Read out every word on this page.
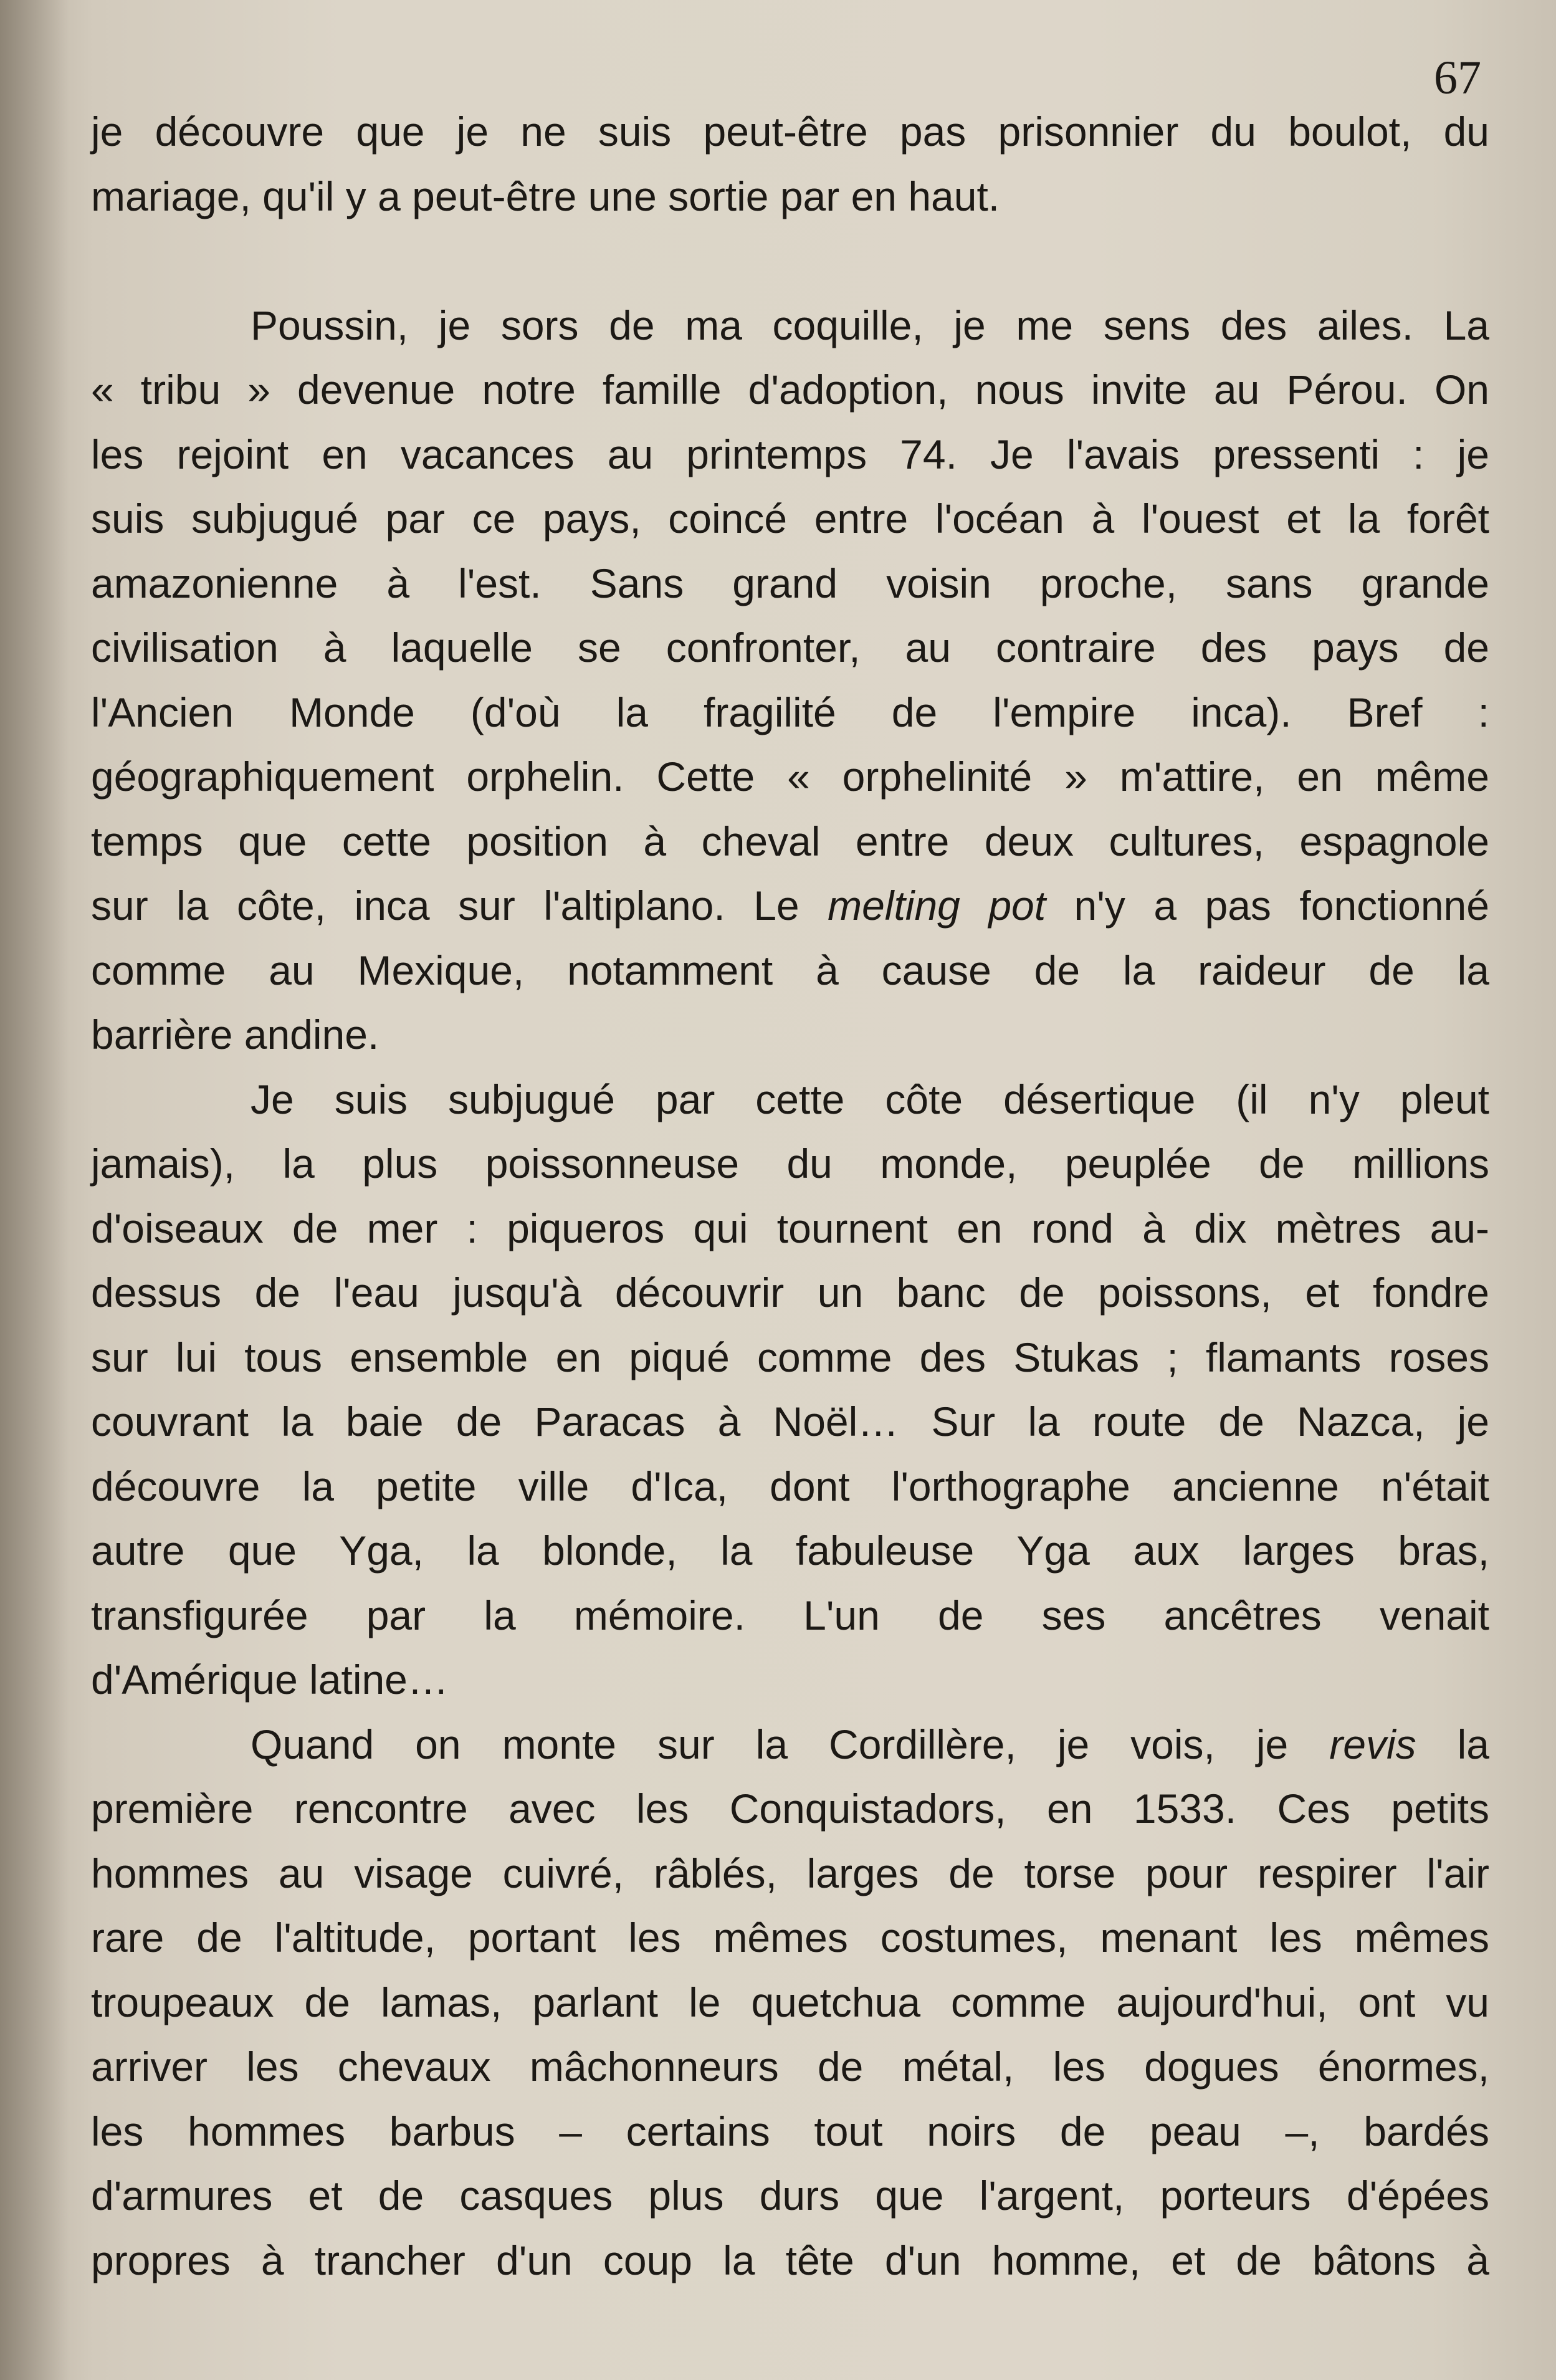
67
je découvre que je ne suis peut-être pas prisonnier du boulot, du
mariage, qu'il y a peut-être une sortie par en haut.
Poussin, je sors de ma coquille, je me sens des ailes. La
« tribu » devenue notre famille d'adoption, nous invite au Pérou. On
les rejoint en vacances au printemps 74. Je l'avais pressenti : je
suis subjugué par ce pays, coincé entre l'océan à l'ouest et la forêt
amazonienne à l'est. Sans grand voisin proche, sans grande
civilisation à laquelle se confronter, au contraire des pays de
l'Ancien Monde (d'où la fragilité de l'empire inca). Bref :
géographiquement orphelin. Cette « orphelinité » m'attire, en même
temps que cette position à cheval entre deux cultures, espagnole
sur la côte, inca sur l'altiplano. Le melting pot n'y a pas fonctionné
comme au Mexique, notamment à cause de la raideur de la
barrière andine.
Je suis subjugué par cette côte désertique (il n'y pleut
jamais), la plus poissonneuse du monde, peuplée de millions
d'oiseaux de mer : piqueros qui tournent en rond à dix mètres au-
dessus de l'eau jusqu'à découvrir un banc de poissons, et fondre
sur lui tous ensemble en piqué comme des Stukas ; flamants roses
couvrant la baie de Paracas à Noël… Sur la route de Nazca, je
découvre la petite ville d'Ica, dont l'orthographe ancienne n'était
autre que Yga, la blonde, la fabuleuse Yga aux larges bras,
transfigurée par la mémoire. L'un de ses ancêtres venait
d'Amérique latine…
Quand on monte sur la Cordillère, je vois, je revis la
première rencontre avec les Conquistadors, en 1533. Ces petits
hommes au visage cuivré, râblés, larges de torse pour respirer l'air
rare de l'altitude, portant les mêmes costumes, menant les mêmes
troupeaux de lamas, parlant le quetchua comme aujourd'hui, ont vu
arriver les chevaux mâchonneurs de métal, les dogues énormes,
les hommes barbus – certains tout noirs de peau –, bardés
d'armures et de casques plus durs que l'argent, porteurs d'épées
propres à trancher d'un coup la tête d'un homme, et de bâtons à
